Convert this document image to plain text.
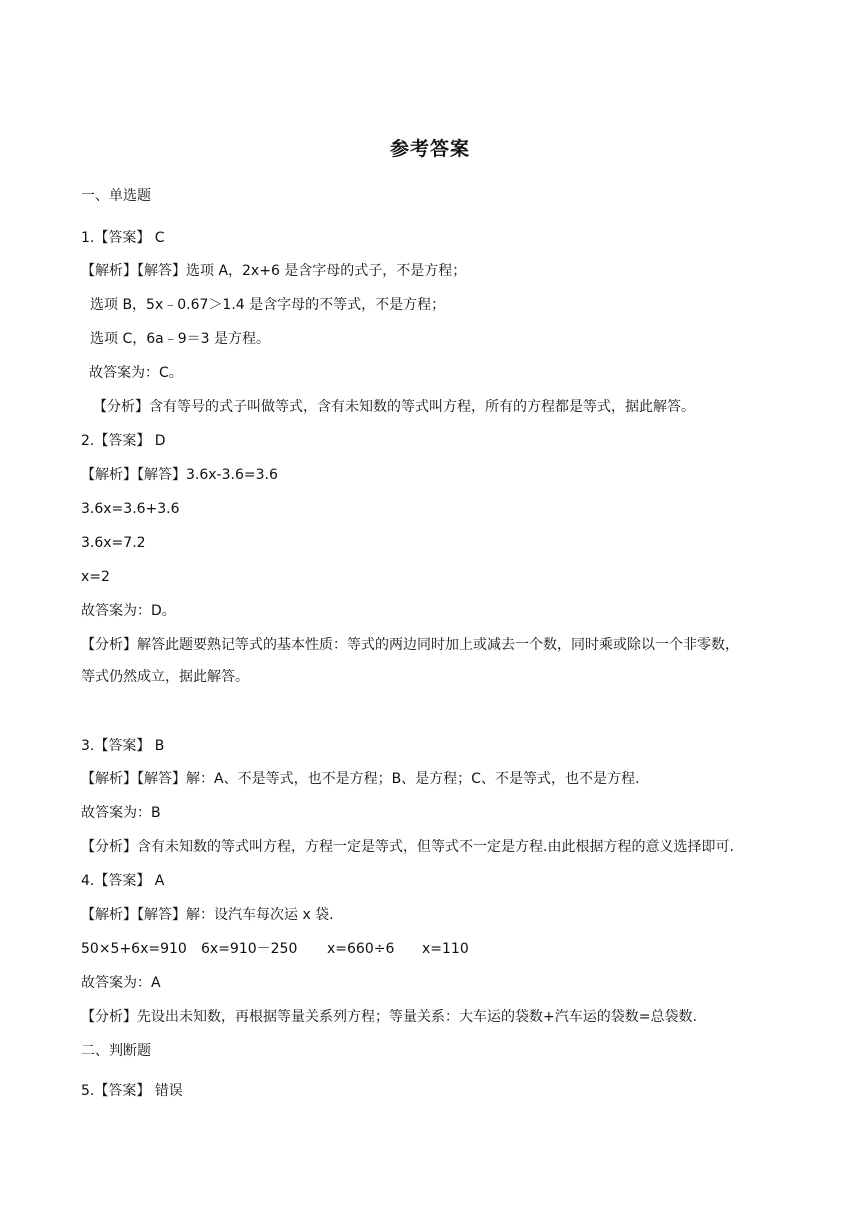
参考答案
一、单选题
1.【答案】 C
【解析】【解答】选项 A，2x+6 是含字母的式子，不是方程；
选项 B，5x﹣0.67＞1.4 是含字母的不等式，不是方程；
选项 C，6a﹣9＝3 是方程。
故答案为：C。
【分析】含有等号的式子叫做等式，含有未知数的等式叫方程，所有的方程都是等式，据此解答。
2.【答案】 D
【解析】【解答】3.6x-3.6=3.6
3.6x=3.6+3.6
3.6x=7.2
x=2
故答案为：D。
【分析】解答此题要熟记等式的基本性质：等式的两边同时加上或减去一个数，同时乘或除以一个非零数，
等式仍然成立，据此解答。
3.【答案】 B
【解析】【解答】解：A、不是等式，也不是方程；B、是方程；C、不是等式，也不是方程.
故答案为：B
【分析】含有未知数的等式叫方程，方程一定是等式，但等式不一定是方程.由此根据方程的意义选择即可.
4.【答案】 A
【解析】【解答】解：设汽车每次运 x 袋.
50×5+6x=910 6x=910－250 x=660÷6 x=110
故答案为：A
【分析】先设出未知数，再根据等量关系列方程；等量关系：大车运的袋数+汽车运的袋数=总袋数.
二、判断题
5.【答案】 错误
